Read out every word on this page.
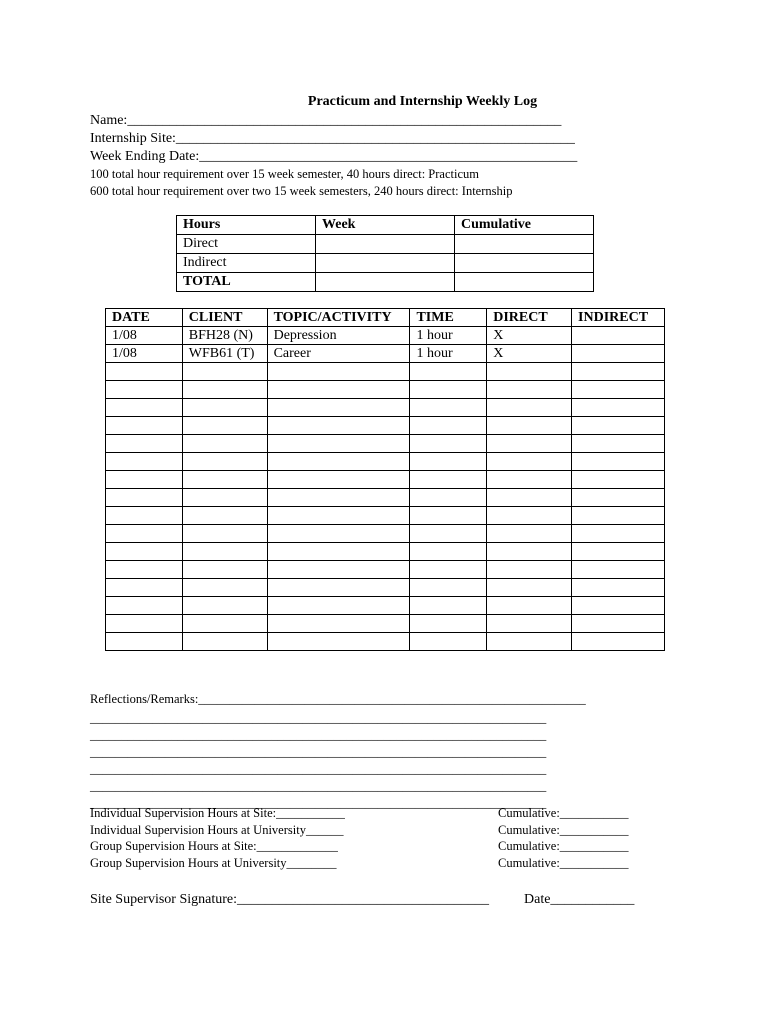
Practicum and Internship Weekly Log
Name:______________________________________________________________
Internship Site:_________________________________________________________
Week Ending Date:______________________________________________________
100 total hour requirement over 15 week semester, 40 hours direct: Practicum
600 total hour requirement over two 15 week semesters, 240 hours direct: Internship
Hours	Week	Cumulative
Direct		
Indirect		
TOTAL		
DATE	CLIENT	TOPIC/ACTIVITY	TIME	DIRECT	INDIRECT
1/08	BFH28 (N)	Depression	1 hour	X	
1/08	WFB61 (T)	Career	1 hour	X	

Reflections/Remarks:______________________________________________________________
_________________________________________________________________________
_________________________________________________________________________
_________________________________________________________________________
_________________________________________________________________________
_________________________________________________________________________
_________________________________________________________________________
Individual Supervision Hours at Site:___________	Cumulative:___________
Individual Supervision Hours at University______	Cumulative:___________
Group Supervision Hours at Site:_____________	Cumulative:___________
Group Supervision Hours at University________	Cumulative:___________
Site Supervisor Signature:____________________________________	Date____________
